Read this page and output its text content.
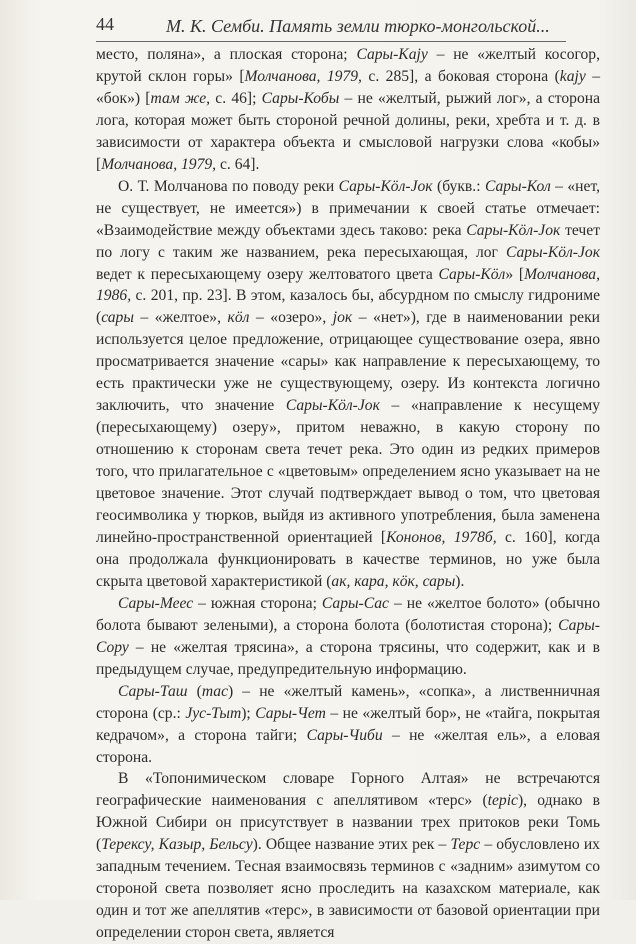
44	М. К. Семби. Память земли тюрко-монгольской...

место, поляна», а плоская сторона; Сары-Kajy – не «желтый косогор, крутой склон горы» [Молчанова, 1979, с. 285], а боковая сторона (kajy – «бок») [там же, с. 46]; Сары-Кобы – не «желтый, рыжий лог», а сторона лога, которая может быть стороной речной долины, реки, хребта и т. д. в зависимости от характера объекта и смысловой нагрузки слова «кобы» [Молчанова, 1979, с. 64].

О. Т. Молчанова по поводу реки Сары-Кӧл-Јок (букв.: Сары-Кол – «нет, не существует, не имеется») в примечании к своей статье отмечает: «Взаимодействие между объектами здесь таково: река Сары-Кӧл-Јок течет по логу с таким же названием, река пересыхающая, лог Сары-Кӧл-Јок ведет к пересыхающему озеру желтоватого цвета Сары-Кӧл» [Молчанова, 1986, с. 201, пр. 23]. В этом, казалось бы, абсурдном по смыслу гидрониме (сары – «желтое», кӧл – «озеро», јок – «нет»), где в наименовании реки используется целое предложение, отрицающее существование озера, явно просматривается значение «сары» как направление к пересыхающему, то есть практически уже не существующему, озеру. Из контекста логично заключить, что значение Сары-Кӧл-Јок – «направление к несущему (пересыхающему) озеру», притом неважно, в какую сторону по отношению к сторонам света течет река. Это один из редких примеров того, что прилагательное с «цветовым» определением ясно указывает на не цветовое значение. Этот случай подтверждает вывод о том, что цветовая геосимволика у тюрков, выйдя из активного употребления, была заменена линейно-пространственной ориентацией [Кононов, 1978б, с. 160], когда она продолжала функционировать в качестве терминов, но уже была скрыта цветовой характеристикой (ак, кара, кӧк, сары).

Сары-Меес – южная сторона; Сары-Сас – не «желтое болото» (обычно болота бывают зелеными), а сторона болота (болотистая сторона); Сары-Сору – не «желтая трясина», а сторона трясины, что содержит, как и в предыдущем случае, предупредительную информацию.

Сары-Таш (тас) – не «желтый камень», «сопка», а лиственничная сторона (ср.: Јус-Тыт); Сары-Чет – не «желтый бор», не «тайга, покрытая кедрачом», а сторона тайги; Сары-Чиби – не «желтая ель», а еловая сторона.

В «Топонимическом словаре Горного Алтая» не встречаются географические наименования с апеллятивом «терс» (tepic), однако в Южной Сибири он присутствует в названии трех притоков реки Томь (Терексу, Казыр, Бельсу). Общее название этих рек – Терс – обусловлено их западным течением. Тесная взаимосвязь терминов с «задним» азимутом со стороной света позволяет ясно проследить на казахском материале, как один и тот же апеллятив «терс», в зависимости от базовой ориентации при определении сторон света, является
